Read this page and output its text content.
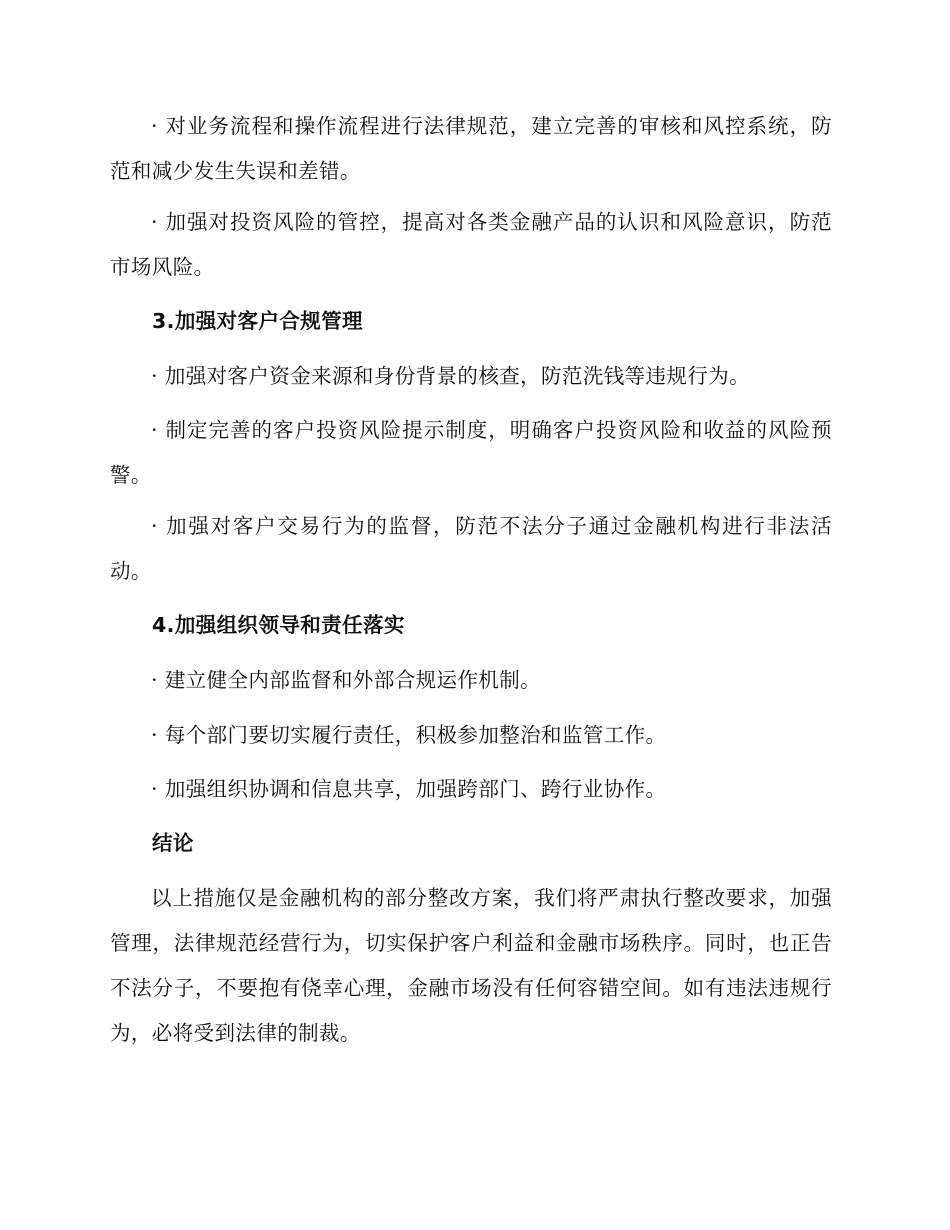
· 对业务流程和操作流程进行法律规范，建立完善的审核和风控系统，防范和减少发生失误和差错。

· 加强对投资风险的管控，提高对各类金融产品的认识和风险意识，防范市场风险。

3.加强对客户合规管理

· 加强对客户资金来源和身份背景的核查，防范洗钱等违规行为。

· 制定完善的客户投资风险提示制度，明确客户投资风险和收益的风险预警。

· 加强对客户交易行为的监督，防范不法分子通过金融机构进行非法活动。

4.加强组织领导和责任落实

· 建立健全内部监督和外部合规运作机制。

· 每个部门要切实履行责任，积极参加整治和监管工作。

· 加强组织协调和信息共享，加强跨部门、跨行业协作。

结论

以上措施仅是金融机构的部分整改方案，我们将严肃执行整改要求，加强管理，法律规范经营行为，切实保护客户利益和金融市场秩序。同时，也正告不法分子，不要抱有侥幸心理，金融市场没有任何容错空间。如有违法违规行为，必将受到法律的制裁。
